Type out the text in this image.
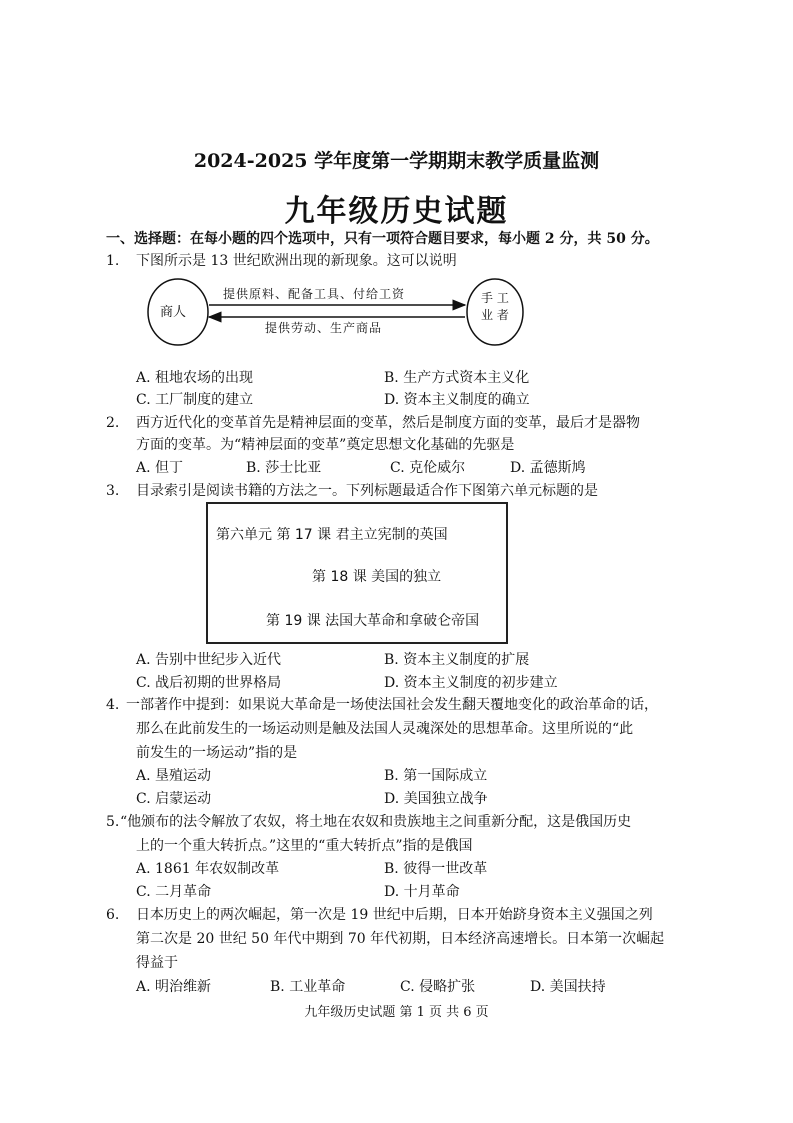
2024-2025 学年度第一学期期末教学质量监测
九年级历史试题
一、选择题：在每小题的四个选项中，只有一项符合题目要求，每小题 2 分，共 50 分。
1. 下图所示是 13 世纪欧洲出现的新现象。这可以说明
商人
手 工
业 者
提供原料、配备工具、付给工资
提供劳动、生产商品
A. 租地农场的出现	B. 生产方式资本主义化
C. 工厂制度的建立	D. 资本主义制度的确立
2. 西方近代化的变革首先是精神层面的变革，然后是制度方面的变革，最后才是器物
方面的变革。为“精神层面的变革”奠定思想文化基础的先驱是
A. 但丁	B. 莎士比亚	C. 克伦威尔	D. 孟德斯鸠
3. 目录索引是阅读书籍的方法之一。下列标题最适合作下图第六单元标题的是
第六单元 第 17 课 君主立宪制的英国
第 18 课 美国的独立
第 19 课 法国大革命和拿破仑帝国
A. 告别中世纪步入近代	B. 资本主义制度的扩展
C. 战后初期的世界格局	D. 资本主义制度的初步建立
4. 一部著作中提到：如果说大革命是一场使法国社会发生翻天覆地变化的政治革命的话，
那么在此前发生的一场运动则是触及法国人灵魂深处的思想革命。这里所说的“此
前发生的一场运动”指的是
A. 垦殖运动	B. 第一国际成立
C. 启蒙运动	D. 美国独立战争
5. “他颁布的法令解放了农奴，将土地在农奴和贵族地主之间重新分配，这是俄国历史
上的一个重大转折点。”这里的“重大转折点”指的是俄国
A. 1861 年农奴制改革	B. 彼得一世改革
C. 二月革命	D. 十月革命
6. 日本历史上的两次崛起，第一次是 19 世纪中后期，日本开始跻身资本主义强国之列
第二次是 20 世纪 50 年代中期到 70 年代初期，日本经济高速增长。日本第一次崛起
得益于
A. 明治维新	B. 工业革命	C. 侵略扩张	D. 美国扶持
九年级历史试题 第 1 页 共 6 页
